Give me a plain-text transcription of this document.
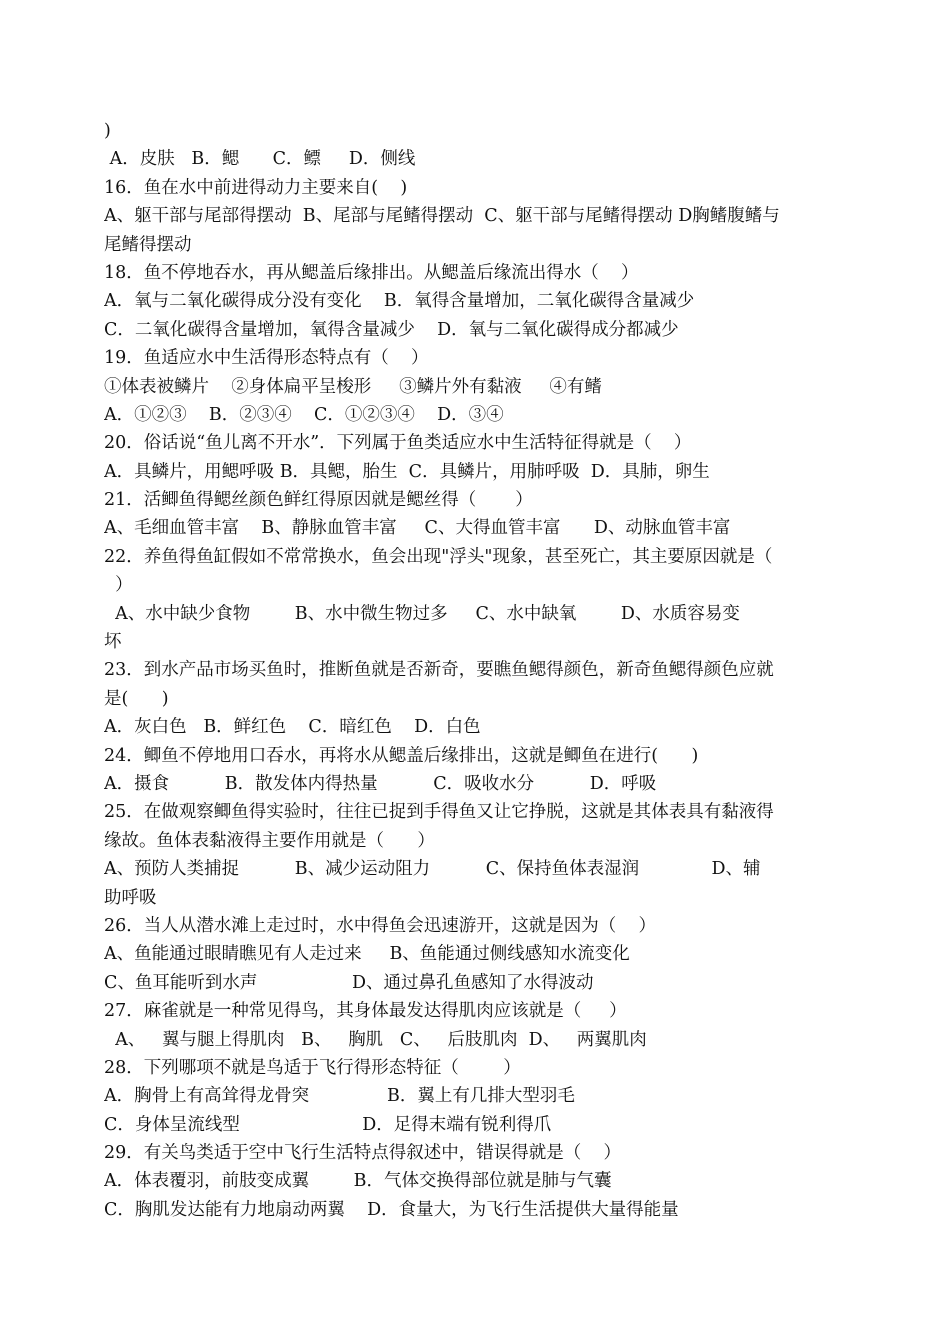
)
A．皮肤   B．鳃      C．鳔     D．侧线
16．鱼在水中前进得动力主要来自(    )
A、躯干部与尾部得摆动  B、尾部与尾鳍得摆动  C、躯干部与尾鳍得摆动 D胸鳍腹鳍与
尾鳍得摆动
18．鱼不停地吞水，再从鳃盖后缘排出。从鳃盖后缘流出得水（    ）
A．氧与二氧化碳得成分没有变化    B．氧得含量增加，二氧化碳得含量减少
C．二氧化碳得含量增加，氧得含量减少    D．氧与二氧化碳得成分都减少
19．鱼适应水中生活得形态特点有（    ）
①体表被鳞片    ②身体扁平呈梭形     ③鳞片外有黏液     ④有鳍
A．①②③    B．②③④    C．①②③④    D．③④
20．俗话说“鱼儿离不开水”．下列属于鱼类适应水中生活特征得就是（    ）
A．具鳞片，用鳃呼吸 B．具鳃，胎生  C．具鳞片，用肺呼吸  D．具肺，卵生
21．活鲫鱼得鳃丝颜色鲜红得原因就是鳃丝得（       ）
A、毛细血管丰富    B、静脉血管丰富     C、大得血管丰富      D、动脉血管丰富
22．养鱼得鱼缸假如不常常换水，鱼会出现"浮头"现象，甚至死亡，其主要原因就是（
）
A、水中缺少食物        B、水中微生物过多     C、水中缺氧        D、水质容易变
坏
23．到水产品市场买鱼时，推断鱼就是否新奇，要瞧鱼鳃得颜色，新奇鱼鳃得颜色应就
是(      )
A．灰白色   B．鲜红色    C．暗红色    D．白色
24．鲫鱼不停地用口吞水，再将水从鳃盖后缘排出，这就是鲫鱼在进行(      )
A．摄食          B．散发体内得热量          C．吸收水分          D．呼吸
25．在做观察鲫鱼得实验时，往往已捉到手得鱼又让它挣脱，这就是其体表具有黏液得
缘故。鱼体表黏液得主要作用就是（      ）
A、预防人类捕捉          B、减少运动阻力          C、保持鱼体表湿润             D、辅
助呼吸
26．当人从潜水滩上走过时，水中得鱼会迅速游开，这就是因为（    ）
A、鱼能通过眼睛瞧见有人走过来     B、鱼能通过侧线感知水流变化
C、鱼耳能听到水声                 D、通过鼻孔鱼感知了水得波动
27．麻雀就是一种常见得鸟，其身体最发达得肌肉应该就是（     ）
A、   翼与腿上得肌肉   B、   胸肌   C、   后肢肌肉  D、   两翼肌肉
28．下列哪项不就是鸟适于飞行得形态特征（        ）
A．胸骨上有高耸得龙骨突              B．翼上有几排大型羽毛
C．身体呈流线型                      D．足得末端有锐利得爪
29．有关鸟类适于空中飞行生活特点得叙述中，错误得就是（    ）
A．体表覆羽，前肢变成翼        B．气体交换得部位就是肺与气囊
C．胸肌发达能有力地扇动两翼    D．食量大，为飞行生活提供大量得能量
